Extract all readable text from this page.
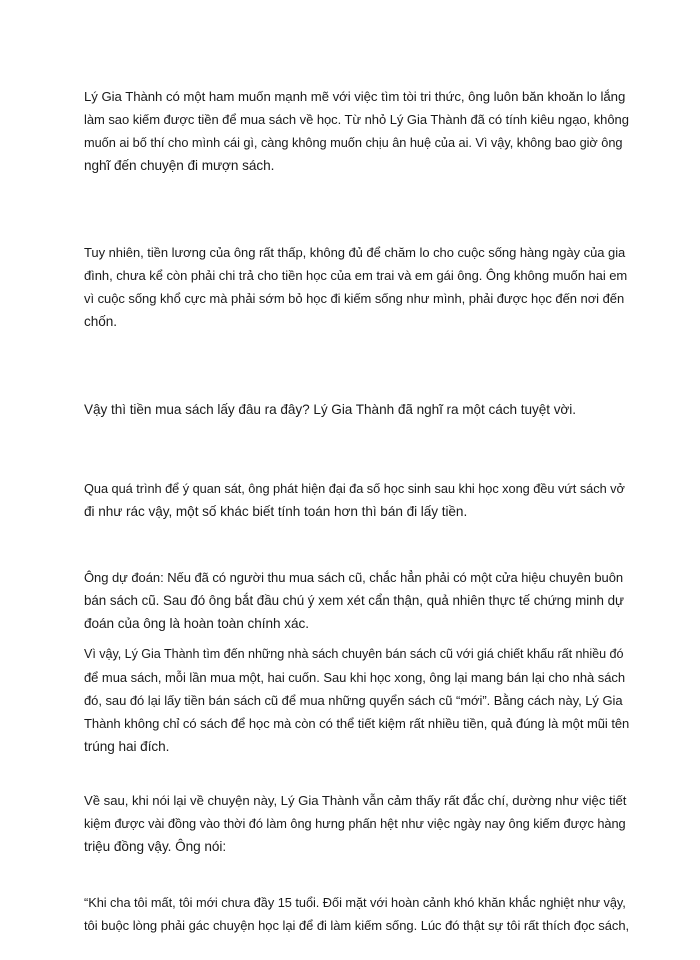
Lý Gia Thành có một ham muốn mạnh mẽ với việc tìm tòi tri thức, ông luôn băn khoăn lo lắng
làm sao kiếm được tiền để mua sách về học. Từ nhỏ Lý Gia Thành đã có tính kiêu ngạo, không
muốn ai bố thí cho mình cái gì, càng không muốn chịu ân huệ của ai. Vì vậy, không bao giờ ông
nghĩ đến chuyện đi mượn sách.

Tuy nhiên, tiền lương của ông rất thấp, không đủ để chăm lo cho cuộc sống hàng ngày của gia
đình, chưa kể còn phải chi trả cho tiền học của em trai và em gái ông. Ông không muốn hai em
vì cuộc sống khổ cực mà phải sớm bỏ học đi kiếm sống như mình, phải được học đến nơi đến
chốn.

Vậy thì tiền mua sách lấy đâu ra đây? Lý Gia Thành đã nghĩ ra một cách tuyệt vời.

Qua quá trình để ý quan sát, ông phát hiện đại đa số học sinh sau khi học xong đều vứt sách vở
đi như rác vậy, một số khác biết tính toán hơn thì bán đi lấy tiền.

Ông dự đoán: Nếu đã có người thu mua sách cũ, chắc hẳn phải có một cửa hiệu chuyên buôn
bán sách cũ. Sau đó ông bắt đầu chú ý xem xét cẩn thận, quả nhiên thực tế chứng minh dự
đoán của ông là hoàn toàn chính xác.

Vì vậy, Lý Gia Thành tìm đến những nhà sách chuyên bán sách cũ với giá chiết khấu rất nhiều đó
để mua sách, mỗi lần mua một, hai cuốn. Sau khi học xong, ông lại mang bán lại cho nhà sách
đó, sau đó lại lấy tiền bán sách cũ để mua những quyển sách cũ “mới”. Bằng cách này, Lý Gia
Thành không chỉ có sách để học mà còn có thể tiết kiệm rất nhiều tiền, quả đúng là một mũi tên
trúng hai đích.

Về sau, khi nói lại về chuyện này, Lý Gia Thành vẫn cảm thấy rất đắc chí, dường như việc tiết
kiệm được vài đồng vào thời đó làm ông hưng phấn hệt như việc ngày nay ông kiếm được hàng
triệu đồng vậy. Ông nói:

“Khi cha tôi mất, tôi mới chưa đầy 15 tuổi. Đối mặt với hoàn cảnh khó khăn khắc nghiệt như vậy,
tôi buộc lòng phải gác chuyện học lại để đi làm kiếm sống. Lúc đó thật sự tôi rất thích đọc sách,
